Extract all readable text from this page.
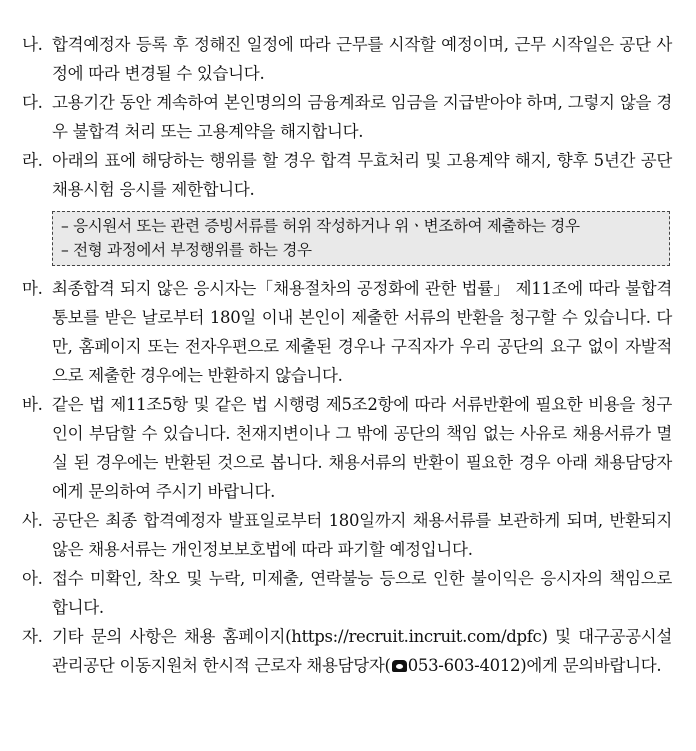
나. 합격예정자 등록 후 정해진 일정에 따라 근무를 시작할 예정이며, 근무 시작일은 공단 사정에 따라 변경될 수 있습니다.
다. 고용기간 동안 계속하여 본인명의의 금융계좌로 임금을 지급받아야 하며, 그렇지 않을 경우 불합격 처리 또는 고용계약을 해지합니다.
라. 아래의 표에 해당하는 행위를 할 경우 합격 무효처리 및 고용계약 해지, 향후 5년간 공단 채용시험 응시를 제한합니다.
– 응시원서 또는 관련 증빙서류를 허위 작성하거나 위ㆍ변조하여 제출하는 경우
– 전형 과정에서 부정행위를 하는 경우
마. 최종합격 되지 않은 응시자는「채용절차의 공정화에 관한 법률」 제11조에 따라 불합격 통보를 받은 날로부터 180일 이내 본인이 제출한 서류의 반환을 청구할 수 있습니다. 다만, 홈페이지 또는 전자우편으로 제출된 경우나 구직자가 우리 공단의 요구 없이 자발적으로 제출한 경우에는 반환하지 않습니다.
바. 같은 법 제11조5항 및 같은 법 시행령 제5조2항에 따라 서류반환에 필요한 비용을 청구인이 부담할 수 있습니다. 천재지변이나 그 밖에 공단의 책임 없는 사유로 채용서류가 멸실 된 경우에는 반환된 것으로 봅니다. 채용서류의 반환이 필요한 경우 아래 채용담당자에게 문의하여 주시기 바랍니다.
사. 공단은 최종 합격예정자 발표일로부터 180일까지 채용서류를 보관하게 되며, 반환되지 않은 채용서류는 개인정보보호법에 따라 파기할 예정입니다.
아. 접수 미확인, 착오 및 누락, 미제출, 연락불능 등으로 인한 불이익은 응시자의 책임으로 합니다.
자. 기타 문의 사항은 채용 홈페이지(https://recruit.incruit.com/dpfc) 및 대구공공시설관리공단 이동지원처 한시적 근로자 채용담당자( 053-603-4012)에게 문의바랍니다.
